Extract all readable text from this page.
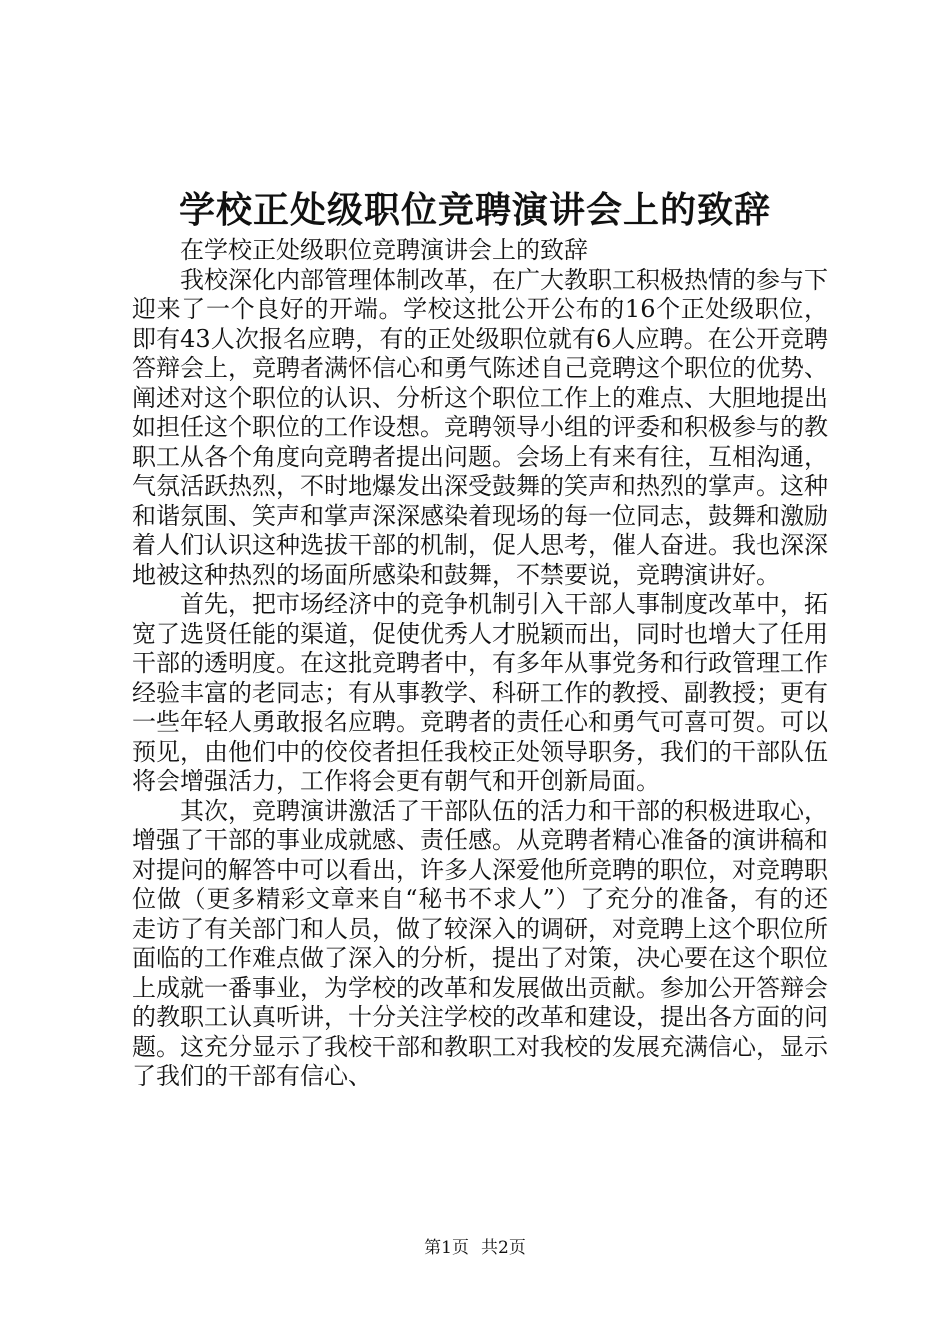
学校正处级职位竞聘演讲会上的致辞

在学校正处级职位竞聘演讲会上的致辞

我校深化内部管理体制改革，在广大教职工积极热情的参与下迎来了一个良好的开端。学校这批公开公布的16个正处级职位，即有43人次报名应聘，有的正处级职位就有6人应聘。在公开竞聘答辩会上，竞聘者满怀信心和勇气陈述自己竞聘这个职位的优势、阐述对这个职位的认识、分析这个职位工作上的难点、大胆地提出如担任这个职位的工作设想。竞聘领导小组的评委和积极参与的教职工从各个角度向竞聘者提出问题。会场上有来有往，互相沟通，气氛活跃热烈，不时地爆发出深受鼓舞的笑声和热烈的掌声。这种和谐氛围、笑声和掌声深深感染着现场的每一位同志，鼓舞和激励着人们认识这种选拔干部的机制，促人思考，催人奋进。我也深深地被这种热烈的场面所感染和鼓舞，不禁要说，竞聘演讲好。

首先，把市场经济中的竞争机制引入干部人事制度改革中，拓宽了选贤任能的渠道，促使优秀人才脱颖而出，同时也增大了任用干部的透明度。在这批竞聘者中，有多年从事党务和行政管理工作经验丰富的老同志；有从事教学、科研工作的教授、副教授；更有一些年轻人勇敢报名应聘。竞聘者的责任心和勇气可喜可贺。可以预见，由他们中的佼佼者担任我校正处领导职务，我们的干部队伍将会增强活力，工作将会更有朝气和开创新局面。

其次，竞聘演讲激活了干部队伍的活力和干部的积极进取心，增强了干部的事业成就感、责任感。从竞聘者精心准备的演讲稿和对提问的解答中可以看出，许多人深爱他所竞聘的职位，对竞聘职位做（更多精彩文章来自“秘书不求人”）了充分的准备，有的还走访了有关部门和人员，做了较深入的调研，对竞聘上这个职位所面临的工作难点做了深入的分析，提出了对策，决心要在这个职位上成就一番事业，为学校的改革和发展做出贡献。参加公开答辩会的教职工认真听讲，十分关注学校的改革和建设，提出各方面的问题。这充分显示了我校干部和教职工对我校的发展充满信心，显示了我们的干部有信心、

第1页 共2页
